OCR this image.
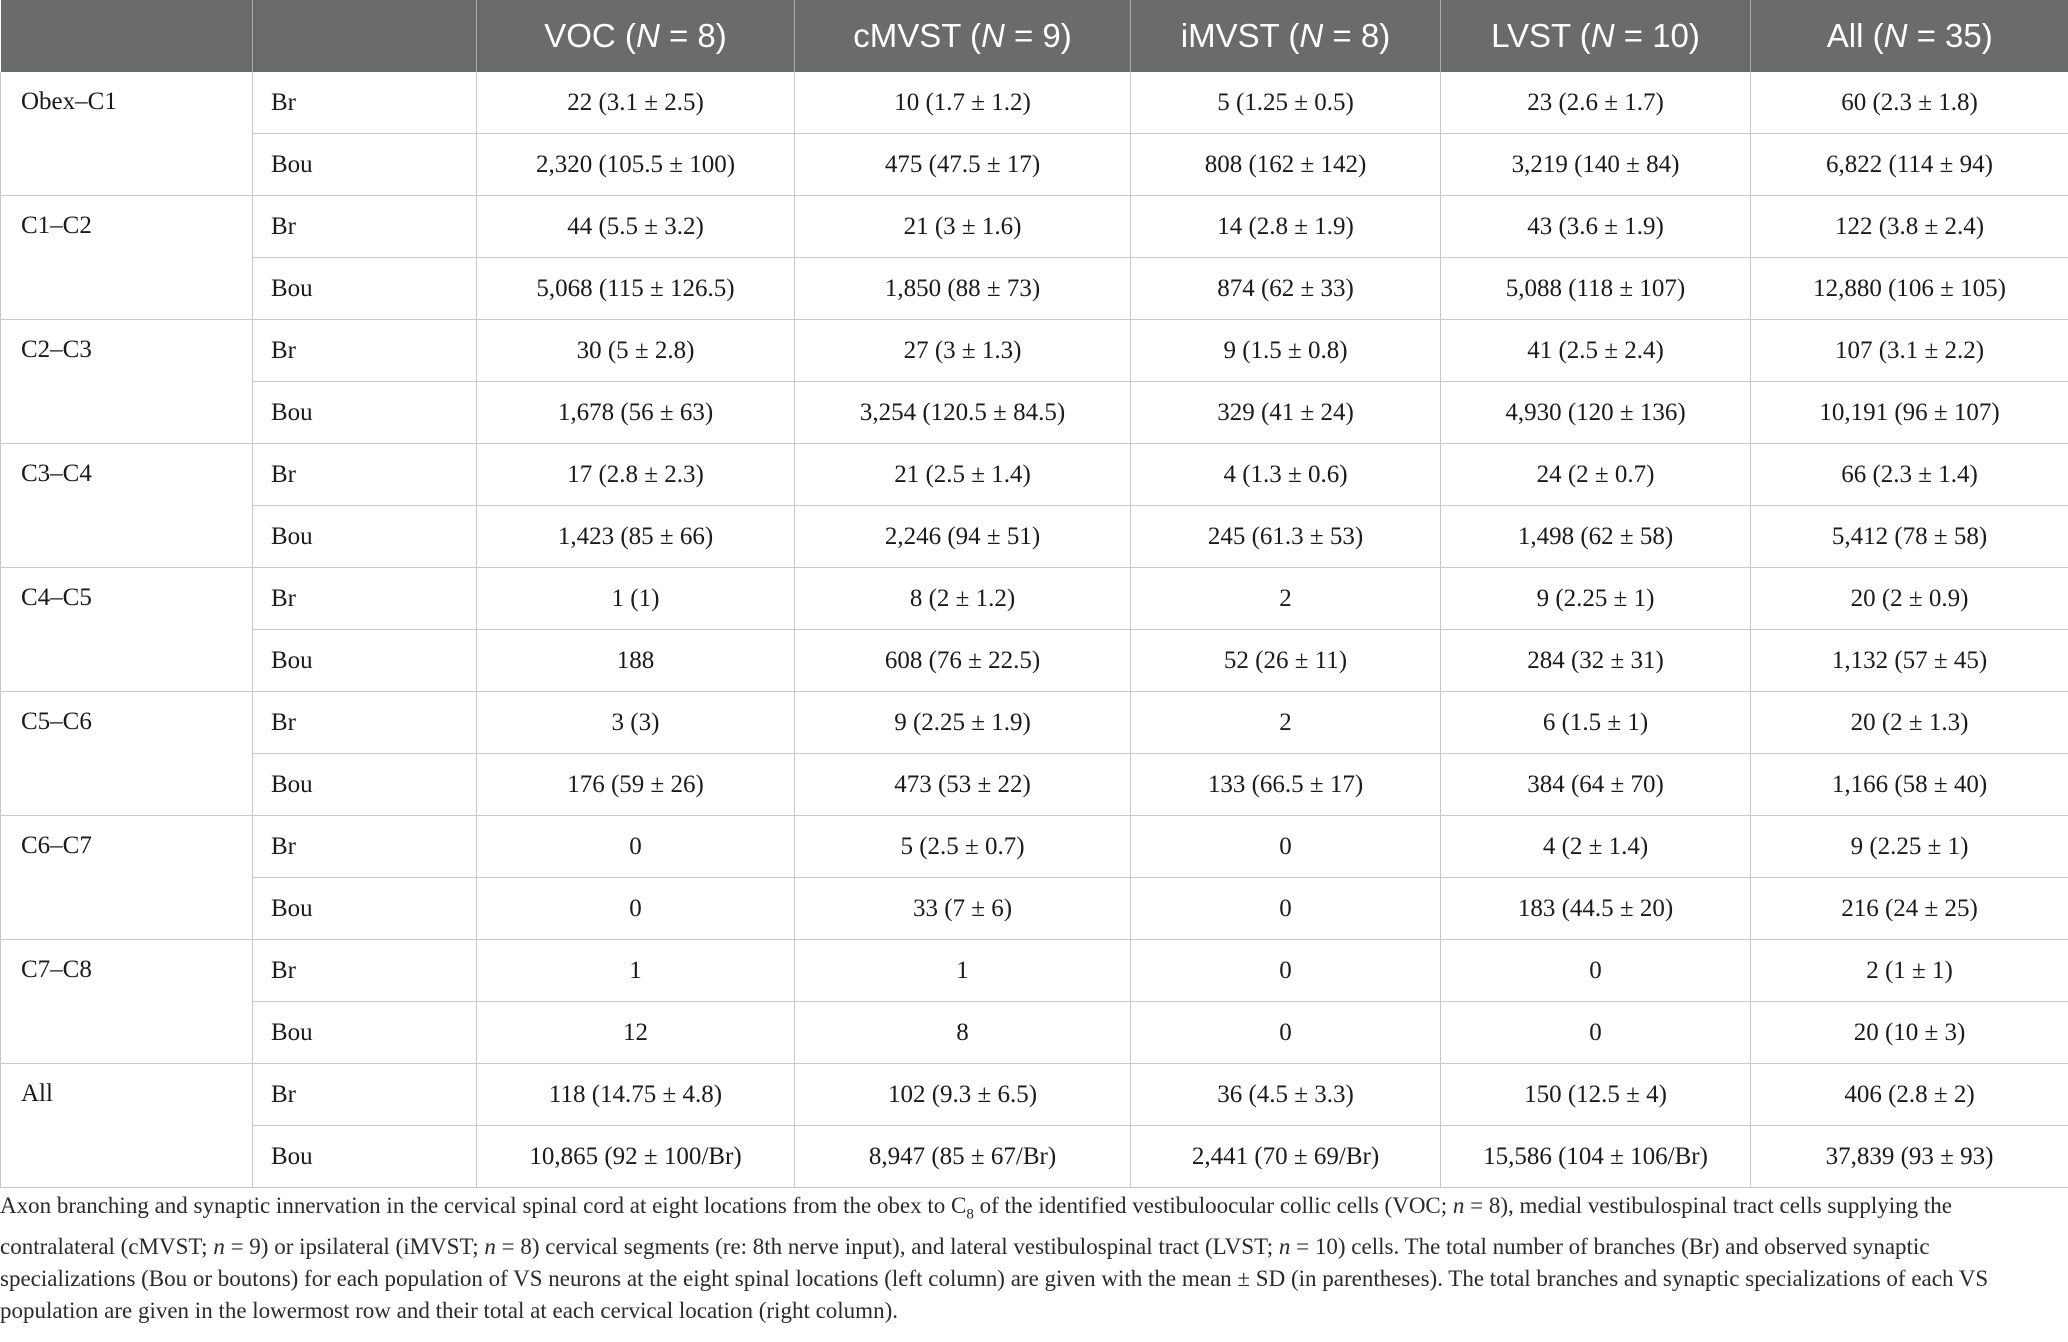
		VOC (N = 8)	cMVST (N = 9)	iMVST (N = 8)	LVST (N = 10)	All (N = 35)
Obex–C1	Br	22 (3.1 ± 2.5)	10 (1.7 ± 1.2)	5 (1.25 ± 0.5)	23 (2.6 ± 1.7)	60 (2.3 ± 1.8)
	Bou	2,320 (105.5 ± 100)	475 (47.5 ± 17)	808 (162 ± 142)	3,219 (140 ± 84)	6,822 (114 ± 94)
C1–C2	Br	44 (5.5 ± 3.2)	21 (3 ± 1.6)	14 (2.8 ± 1.9)	43 (3.6 ± 1.9)	122 (3.8 ± 2.4)
	Bou	5,068 (115 ± 126.5)	1,850 (88 ± 73)	874 (62 ± 33)	5,088 (118 ± 107)	12,880 (106 ± 105)
C2–C3	Br	30 (5 ± 2.8)	27 (3 ± 1.3)	9 (1.5 ± 0.8)	41 (2.5 ± 2.4)	107 (3.1 ± 2.2)
	Bou	1,678 (56 ± 63)	3,254 (120.5 ± 84.5)	329 (41 ± 24)	4,930 (120 ± 136)	10,191 (96 ± 107)
C3–C4	Br	17 (2.8 ± 2.3)	21 (2.5 ± 1.4)	4 (1.3 ± 0.6)	24 (2 ± 0.7)	66 (2.3 ± 1.4)
	Bou	1,423 (85 ± 66)	2,246 (94 ± 51)	245 (61.3 ± 53)	1,498 (62 ± 58)	5,412 (78 ± 58)
C4–C5	Br	1 (1)	8 (2 ± 1.2)	2	9 (2.25 ± 1)	20 (2 ± 0.9)
	Bou	188	608 (76 ± 22.5)	52 (26 ± 11)	284 (32 ± 31)	1,132 (57 ± 45)
C5–C6	Br	3 (3)	9 (2.25 ± 1.9)	2	6 (1.5 ± 1)	20 (2 ± 1.3)
	Bou	176 (59 ± 26)	473 (53 ± 22)	133 (66.5 ± 17)	384 (64 ± 70)	1,166 (58 ± 40)
C6–C7	Br	0	5 (2.5 ± 0.7)	0	4 (2 ± 1.4)	9 (2.25 ± 1)
	Bou	0	33 (7 ± 6)	0	183 (44.5 ± 20)	216 (24 ± 25)
C7–C8	Br	1	1	0	0	2 (1 ± 1)
	Bou	12	8	0	0	20 (10 ± 3)
All	Br	118 (14.75 ± 4.8)	102 (9.3 ± 6.5)	36 (4.5 ± 3.3)	150 (12.5 ± 4)	406 (2.8 ± 2)
	Bou	10,865 (92 ± 100/Br)	8,947 (85 ± 67/Br)	2,441 (70 ± 69/Br)	15,586 (104 ± 106/Br)	37,839 (93 ± 93)
Axon branching and synaptic innervation in the cervical spinal cord at eight locations from the obex to $C_8$ of the identified vestibuloocular collic cells (VOC; n = 8), medial vestibulospinal tract cells supplying the contralateral (cMVST; n = 9) or ipsilateral (iMVST; n = 8) cervical segments (re: 8th nerve input), and lateral vestibulospinal tract (LVST; n = 10) cells. The total number of branches (Br) and observed synaptic specializations (Bou or boutons) for each population of VS neurons at the eight spinal locations (left column) are given with the mean ± SD (in parentheses). The total branches and synaptic specializations of each VS population are given in the lowermost row and their total at each cervical location (right column).
